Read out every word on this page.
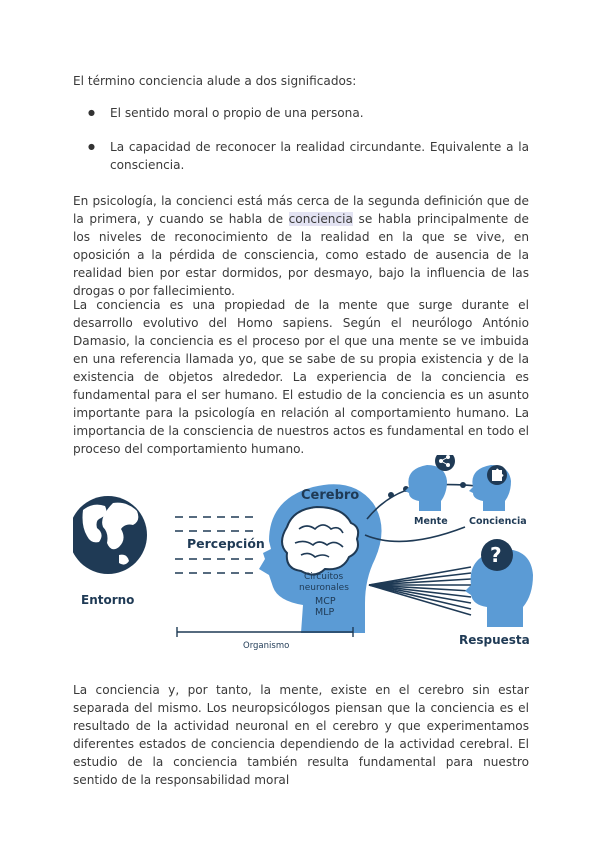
El término conciencia alude a dos significados:
● El sentido moral o propio de una persona.
● La capacidad de reconocer la realidad circundante. Equivalente a la consciencia.
En psicología, la concienci está más cerca de la segunda definición que de la primera, y cuando se habla de conciencia se habla principalmente de los niveles de reconocimiento de la realidad en la que se vive, en oposición a la pérdida de consciencia, como estado de ausencia de la realidad bien por estar dormidos, por desmayo, bajo la influencia de las drogas o por fallecimiento.
La conciencia es una propiedad de la mente que surge durante el desarrollo evolutivo del Homo sapiens. Según el neurólogo António Damasio, la conciencia es el proceso por el que una mente se ve imbuida en una referencia llamada yo, que se sabe de su propia existencia y de la existencia de objetos alrededor. La experiencia de la conciencia es fundamental para el ser humano. El estudio de la conciencia es un asunto importante para la psicología en relación al comportamiento humano. La importancia de la consciencia de nuestros actos es fundamental en todo el proceso del comportamiento humano.
Entorno
Percepción
Cerebro
Circuitos
neuronales
MCP
MLP
Organismo
Mente Conciencia
?
Respuesta
La conciencia y, por tanto, la mente, existe en el cerebro sin estar separada del mismo. Los neuropsicólogos piensan que la conciencia es el resultado de la actividad neuronal en el cerebro y que experimentamos diferentes estados de conciencia dependiendo de la actividad cerebral. El estudio de la conciencia también resulta fundamental para nuestro sentido de la responsabilidad moral
